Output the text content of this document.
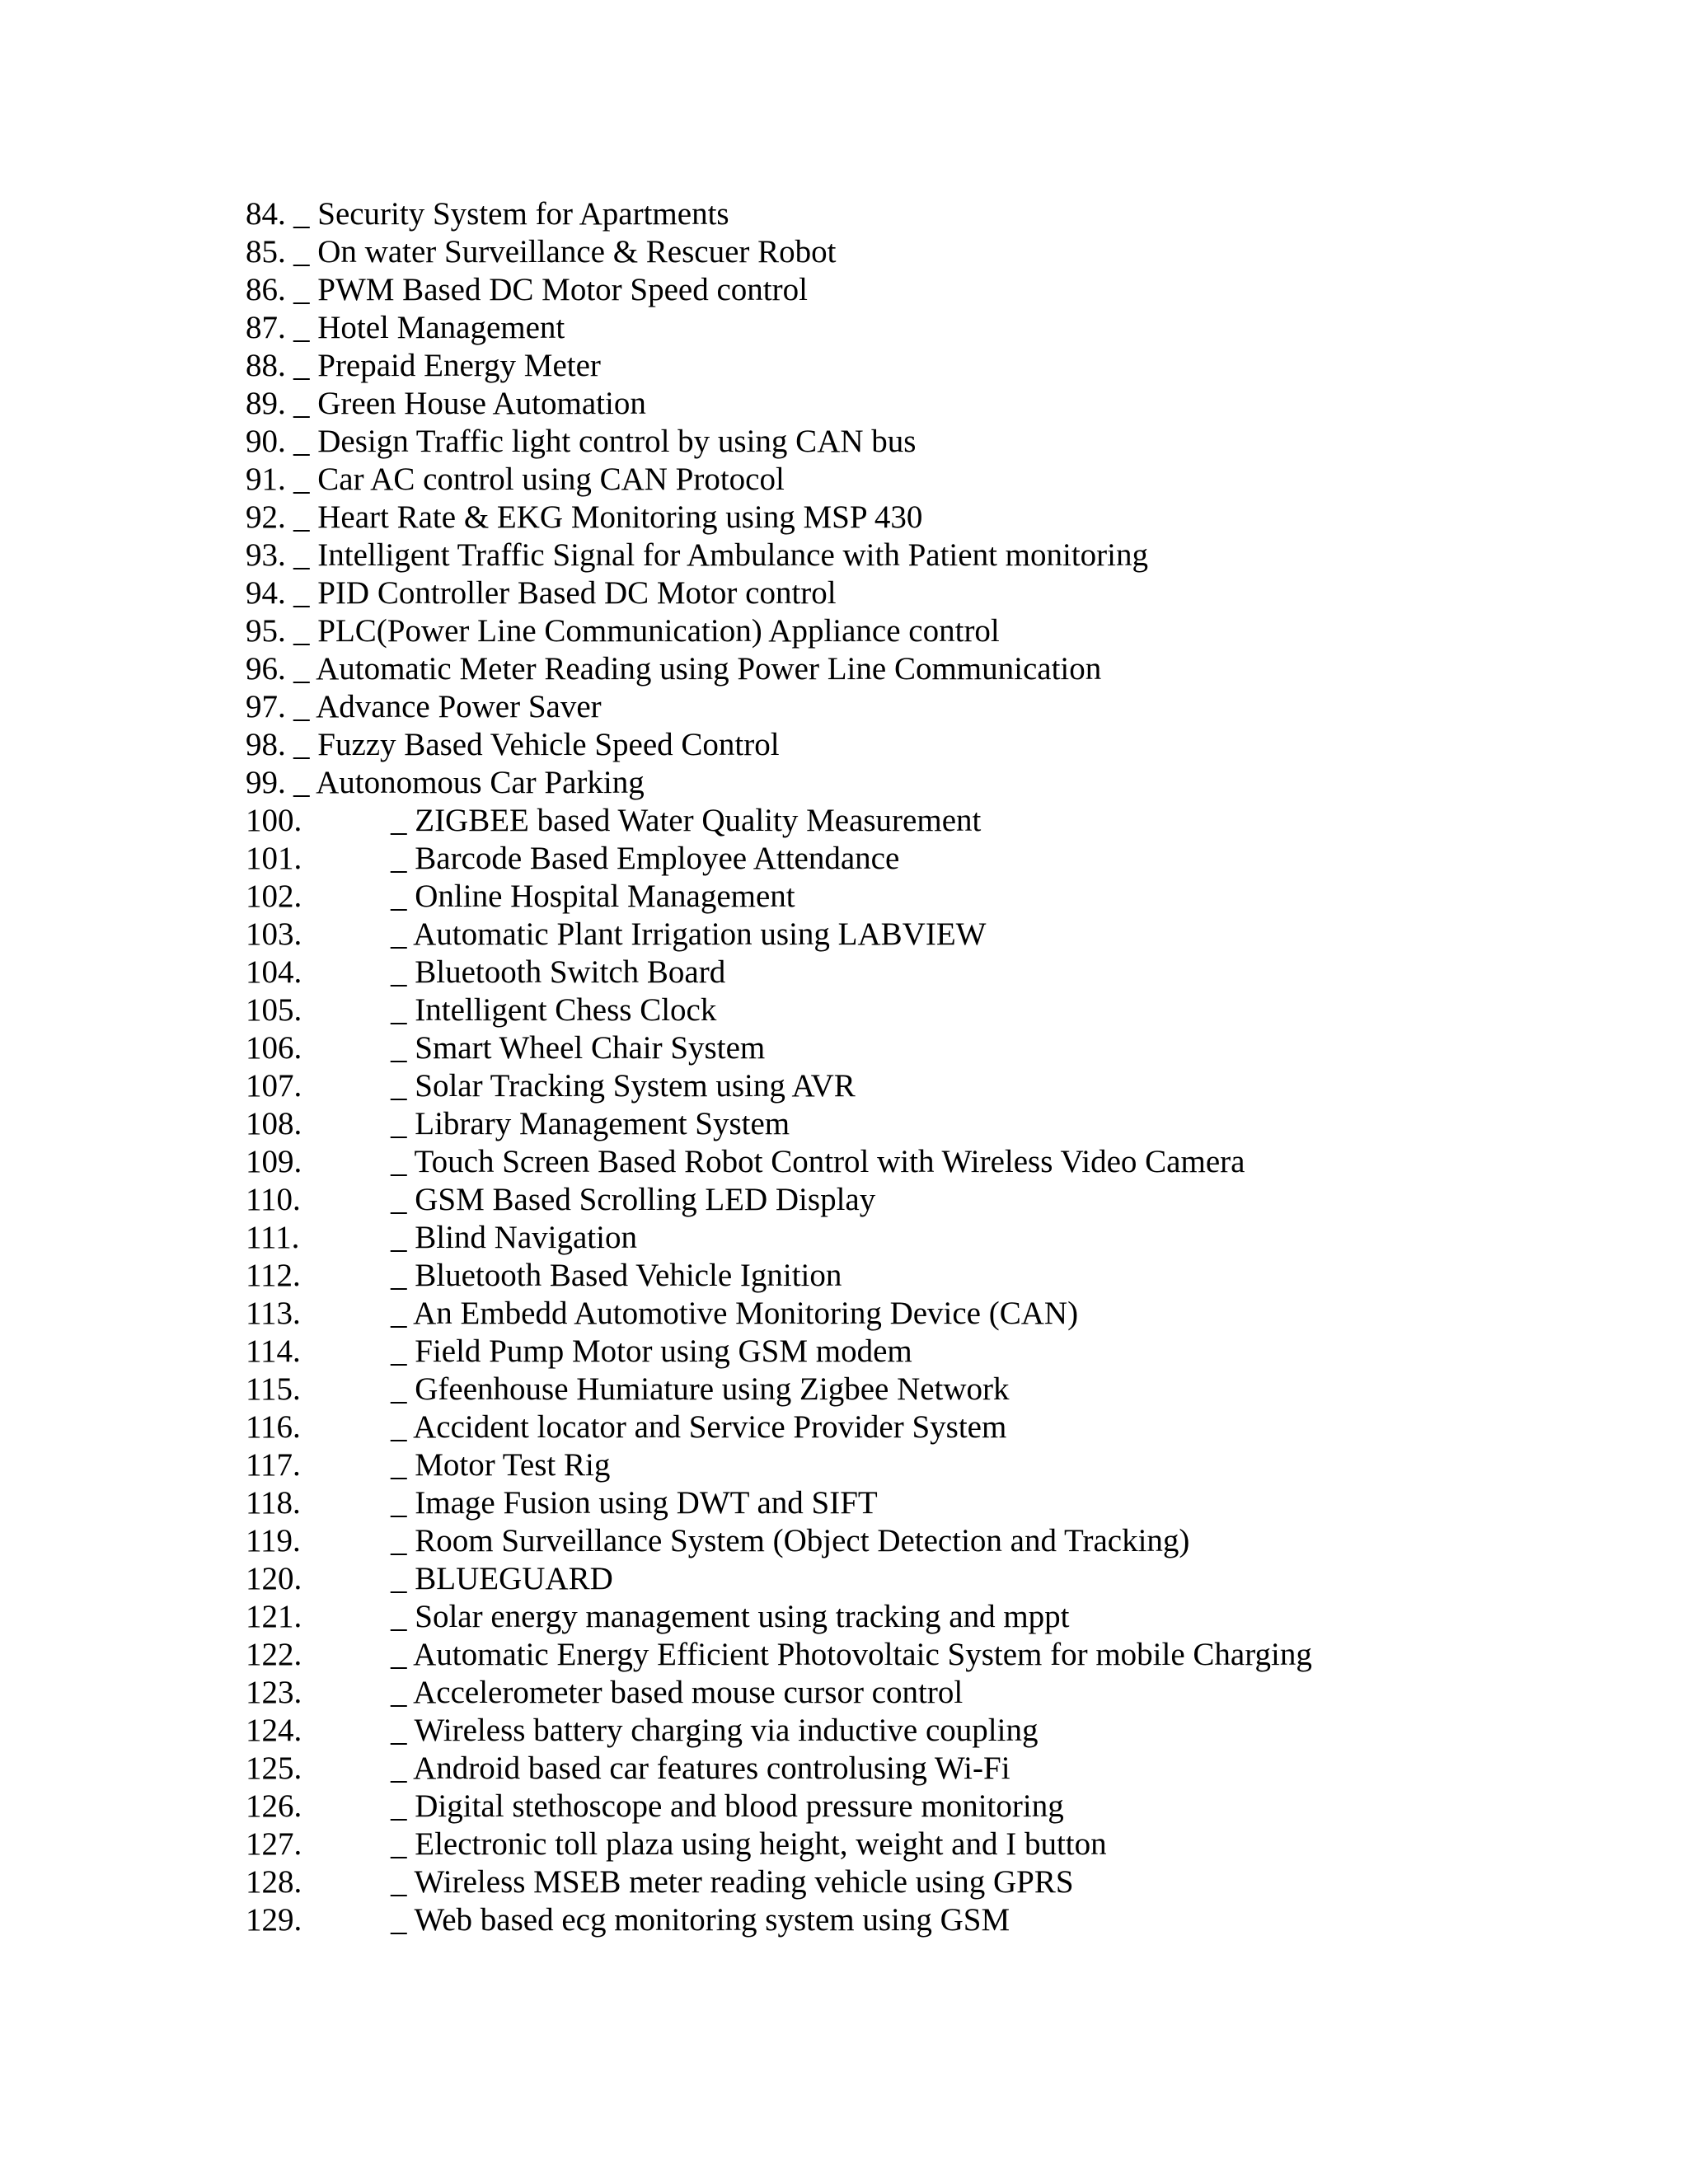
84. _ Security System for Apartments
85. _ On water Surveillance & Rescuer Robot
86. _ PWM Based DC Motor Speed control
87. _ Hotel Management
88. _ Prepaid Energy Meter
89. _ Green House Automation
90. _ Design Traffic light control by using CAN bus
91. _ Car AC control using CAN Protocol
92. _ Heart Rate & EKG Monitoring using MSP 430
93. _ Intelligent Traffic Signal for Ambulance with Patient monitoring
94. _ PID Controller Based DC Motor control
95. _ PLC(Power Line Communication) Appliance control
96. _ Automatic Meter Reading using Power Line Communication
97. _ Advance Power Saver
98. _ Fuzzy Based Vehicle Speed Control
99. _ Autonomous Car Parking
100.	_ ZIGBEE based Water Quality Measurement
101.	_ Barcode Based Employee Attendance
102.	_ Online Hospital Management
103.	_ Automatic Plant Irrigation using LABVIEW
104.	_ Bluetooth Switch Board
105.	_ Intelligent Chess Clock
106.	_ Smart Wheel Chair System
107.	_ Solar Tracking System using AVR
108.	_ Library Management System
109.	_ Touch Screen Based Robot Control with Wireless Video Camera
110.	_ GSM Based Scrolling LED Display
111.	_ Blind Navigation
112.	_ Bluetooth Based Vehicle Ignition
113.	_ An Embedd Automotive Monitoring Device (CAN)
114.	_ Field Pump Motor using GSM modem
115.	_ Gfeenhouse Humiature using Zigbee Network
116.	_ Accident locator and Service Provider System
117.	_ Motor Test Rig
118.	_ Image Fusion using DWT and SIFT
119.	_ Room Surveillance System (Object Detection and Tracking)
120.	_ BLUEGUARD
121.	_ Solar energy management using tracking and mppt
122.	_ Automatic Energy Efficient Photovoltaic System for mobile Charging
123.	_ Accelerometer based mouse cursor control
124.	_ Wireless battery charging via inductive coupling
125.	_ Android based car features controlusing Wi-Fi
126.	_ Digital stethoscope and blood pressure monitoring
127.	_ Electronic toll plaza using height, weight and I button
128.	_ Wireless MSEB meter reading vehicle using GPRS
129.	_ Web based ecg monitoring system using GSM
